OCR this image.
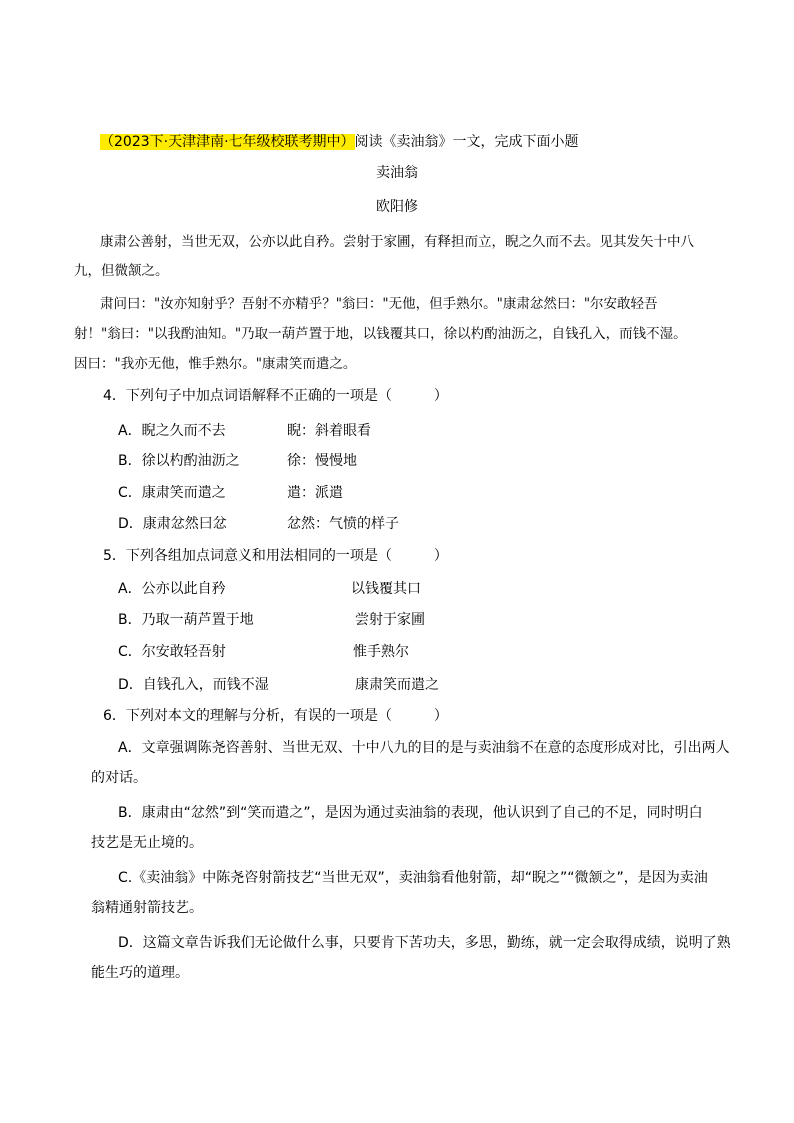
（2023下·天津津南·七年级校联考期中）阅读《卖油翁》一文，完成下面小题
卖油翁
欧阳修
康肃公善射，当世无双，公亦以此自矜。尝射于家圃，有释担而立，睨之久而不去。见其发矢十中八
九，但微颔之。
肃问曰："汝亦知射乎？吾射不亦精乎？"翁曰："无他，但手熟尔。"康肃忿然曰："尔安敢轻吾
射！"翁曰："以我酌油知。"乃取一葫芦置于地，以钱覆其口，徐以杓酌油沥之，自钱孔入，而钱不湿。
因曰："我亦无他，惟手熟尔。"康肃笑而遣之。
4．下列句子中加点词语解释不正确的一项是（　　　）
A．睨之久而不去	睨：斜着眼看
B．徐以杓酌油沥之	徐：慢慢地
C．康肃笑而遣之	遣：派遣
D．康肃忿然曰忿	忿然：气愤的样子
5．下列各组加点词意义和用法相同的一项是（　　　）
A．公亦以此自矜	以钱覆其口
B．乃取一葫芦置于地	尝射于家圃
C．尔安敢轻吾射	惟手熟尔
D．自钱孔入，而钱不湿	康肃笑而遣之
6．下列对本文的理解与分析，有误的一项是（　　　）
A．文章强调陈尧咨善射、当世无双、十中八九的目的是与卖油翁不在意的态度形成对比，引出两人
的对话。
B．康肃由“忿然”到“笑而遣之”，是因为通过卖油翁的表现，他认识到了自己的不足，同时明白
技艺是无止境的。
C.《卖油翁》中陈尧咨射箭技艺“当世无双”，卖油翁看他射箭，却“睨之”“微颔之”，是因为卖油
翁精通射箭技艺。
D．这篇文章告诉我们无论做什么事，只要肯下苦功夫，多思，勤练，就一定会取得成绩，说明了熟
能生巧的道理。
